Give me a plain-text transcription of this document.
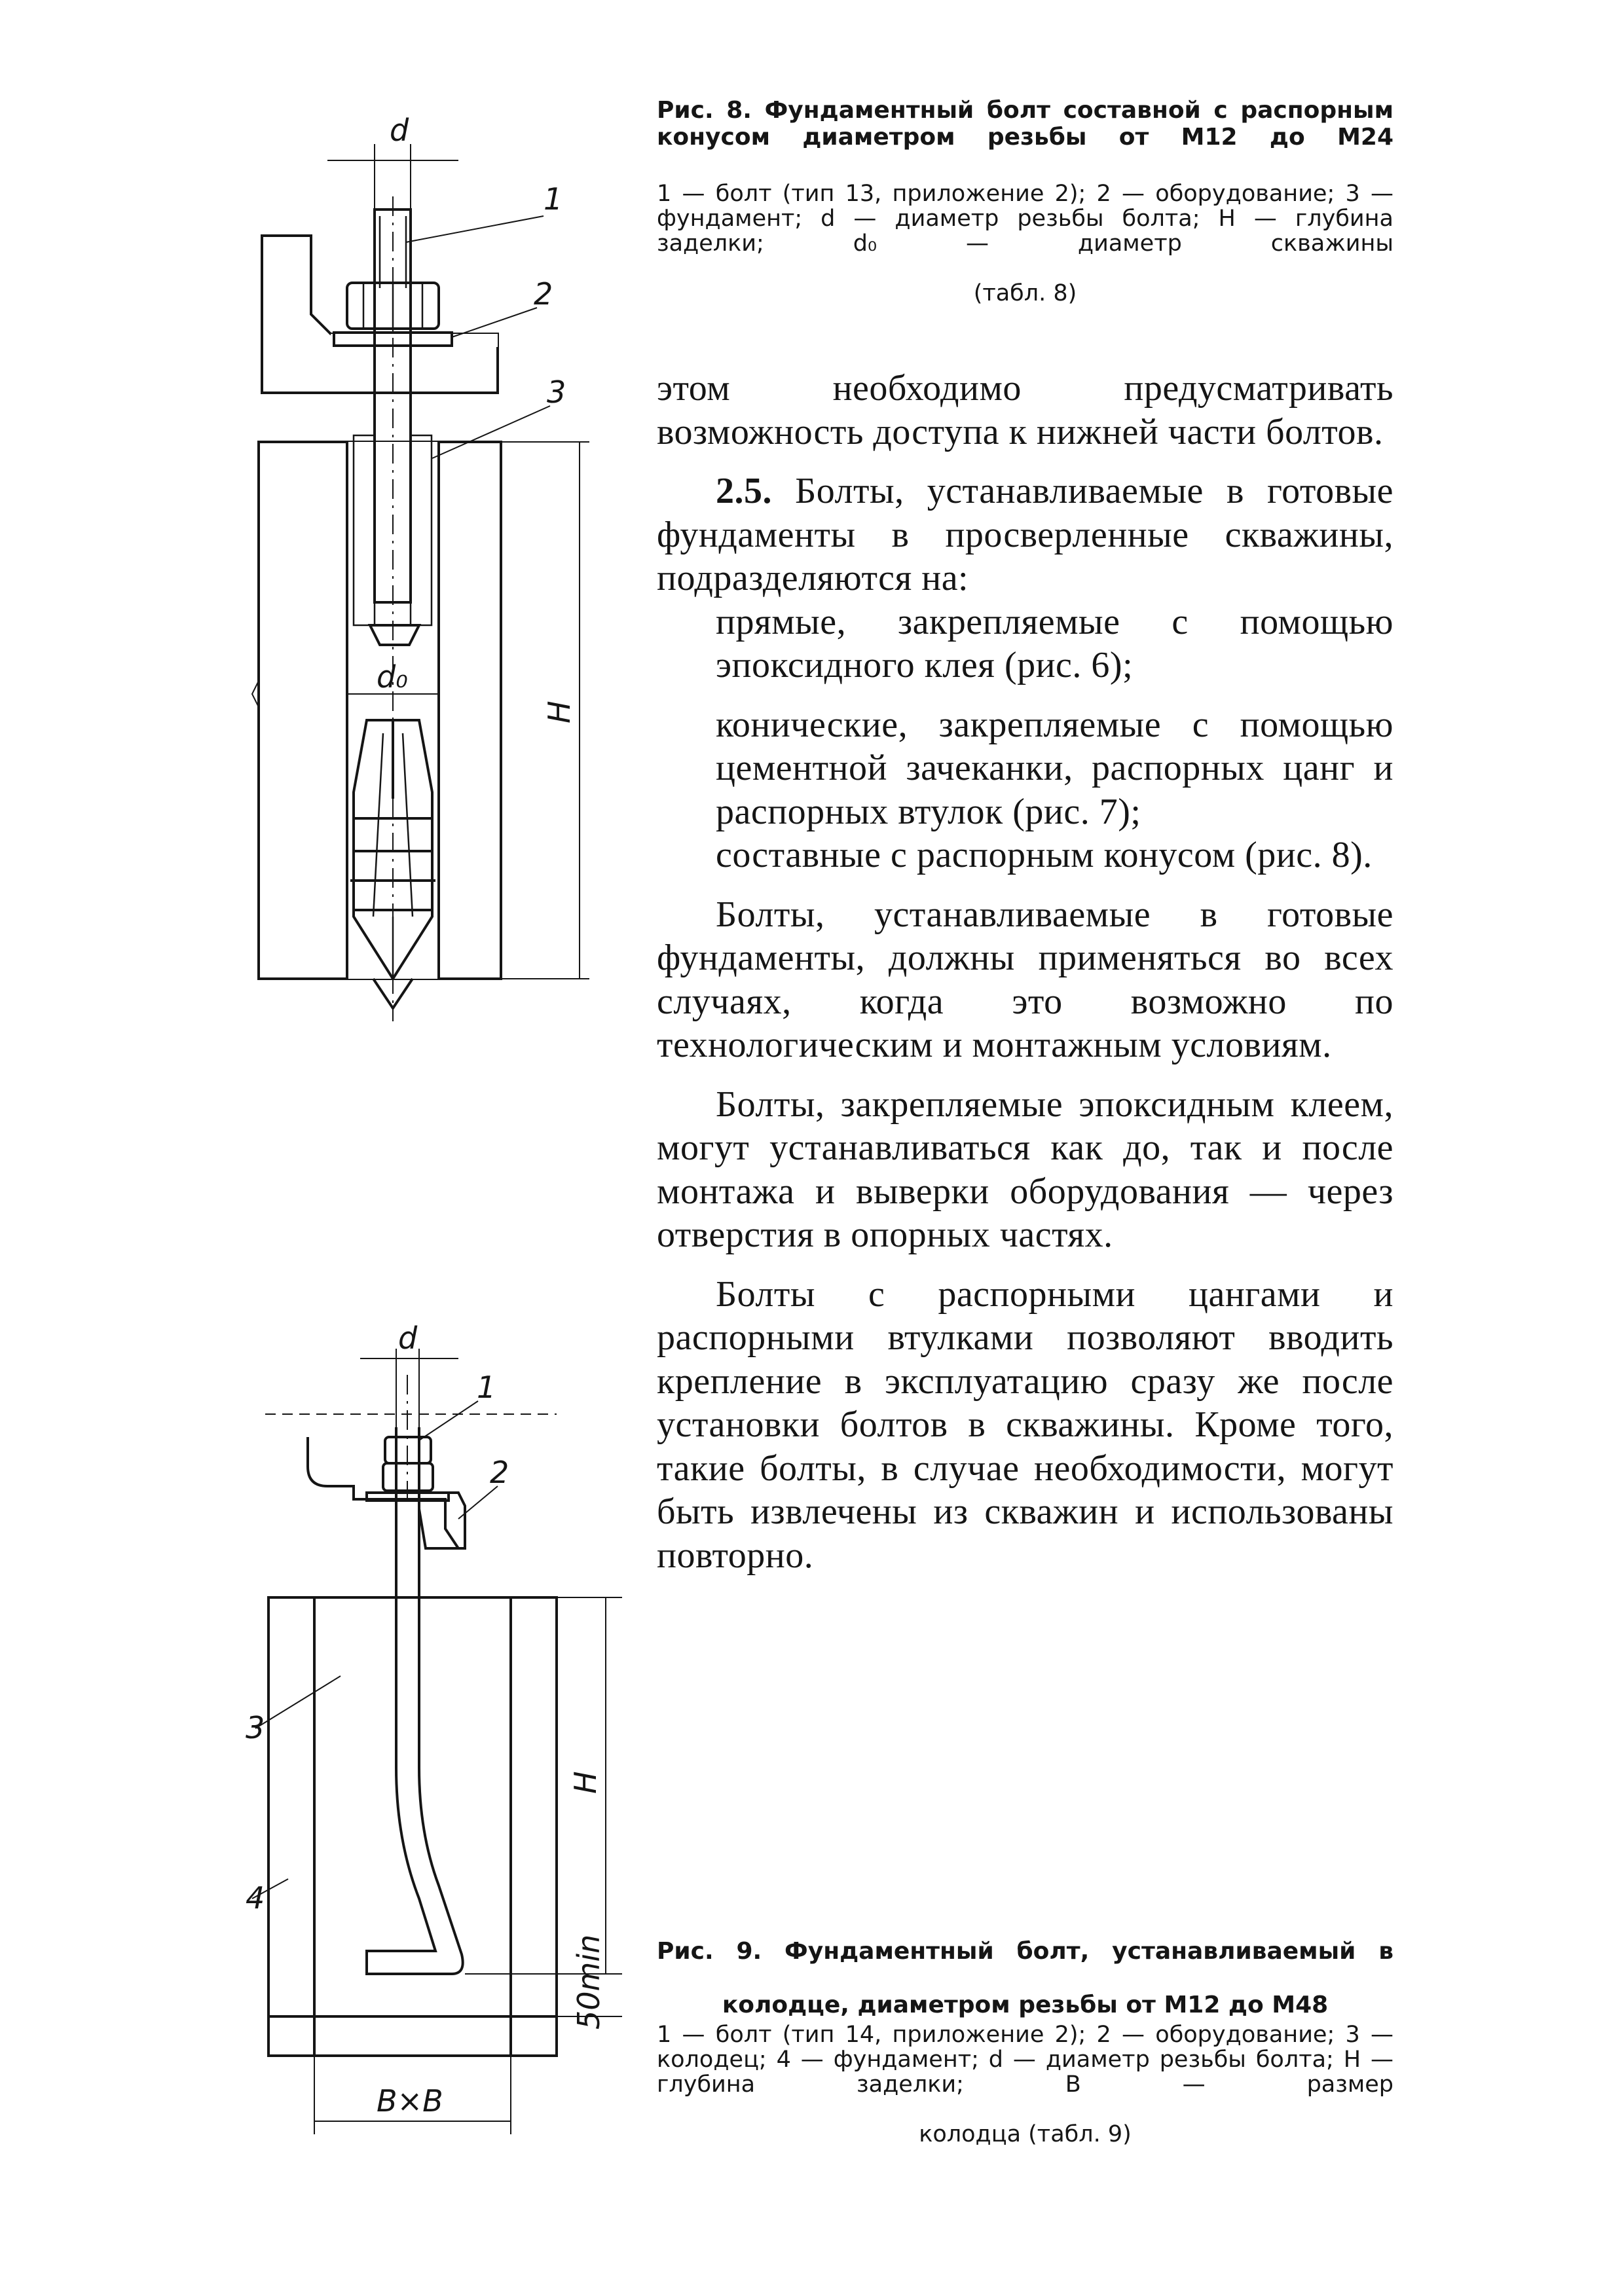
Рис. 8. Фундаментный болт составной с распорным конусом диаметром резьбы от М12 до М24
1 — болт (тип 13, приложение 2); 2 — оборудование; 3 — фундамент; d — диаметр резьбы болта; H — глубина заделки; d₀ — диаметр скважины
(табл. 8)
d
1
2
3
d₀
H

этом необходимо предусматривать возможность доступа к нижней части болтов.

2.5. Болты, устанавливаемые в готовые фундаменты в просверленные скважины, подразделяются на:

прямые, закрепляемые с помощью эпоксидного клея (рис. 6);

конические, закрепляемые с помощью цементной зачеканки, распорных цанг и распорных втулок (рис. 7);

составные с распорным конусом (рис. 8).

Болты, устанавливаемые в готовые фундаменты, должны применяться во всех случаях, когда это возможно по технологическим и монтажным условиям.

Болты, закрепляемые эпоксидным клеем, могут устанавливаться как до, так и после монтажа и выверки оборудования — через отверстия в опорных частях.

Болты с распорными цангами и распорными втулками позволяют вводить крепление в эксплуатацию сразу же после установки болтов в скважины. Кроме того, такие болты, в случае необходимости, могут быть извлечены из скважин и использованы повторно.

d
1
2
3
4
H
50min
B×B
Рис. 9. Фундаментный болт, устанавливаемый в
колодце, диаметром резьбы от М12 до М48
1 — болт (тип 14, приложение 2); 2 — оборудование; 3 — колодец; 4 — фундамент; d — диаметр резьбы болта; H — глубина заделки; B — размер
колодца (табл. 9)
